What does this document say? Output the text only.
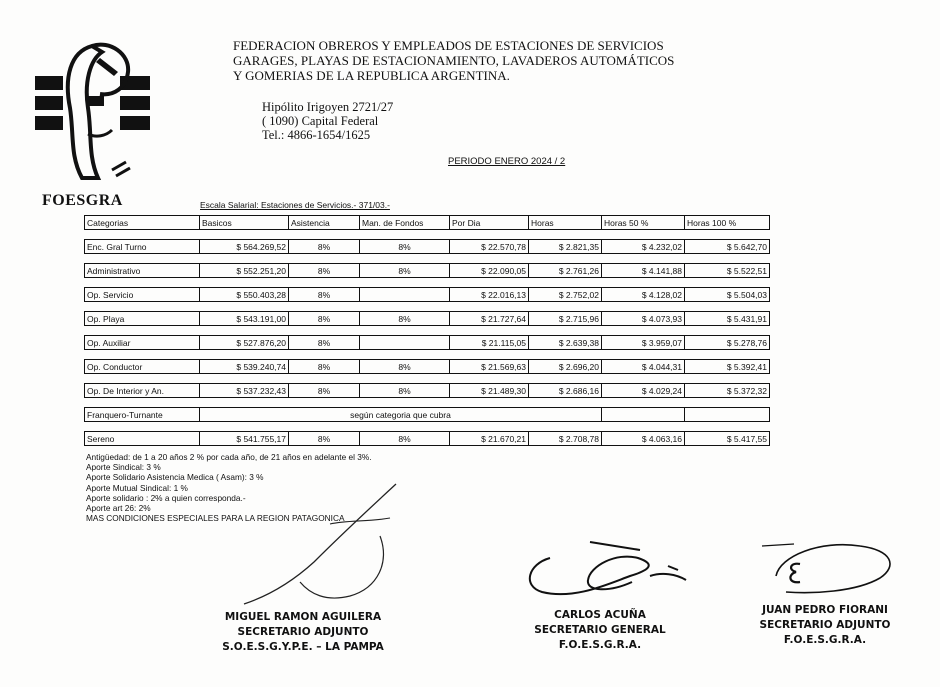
FOESGRA
FEDERACION OBREROS Y EMPLEADOS DE ESTACIONES DE SERVICIOS
GARAGES, PLAYAS DE ESTACIONAMIENTO, LAVADEROS AUTOMÁTICOS
Y GOMERIAS DE LA REPUBLICA ARGENTINA.
Hipólito Irigoyen 2721/27
( 1090) Capital Federal
Tel.: 4866-1654/1625
PERIODO ENERO 2024 / 2
Escala Salarial: Estaciones de Servicios.- 371/03.-
Categorias	Basicos	Asistencia	Man. de Fondos	Por Dia	Horas	Horas 50 %	Horas 100 %

Enc. Gral Turno	$ 564.269,52	8%	8%	$ 22.570,78	$ 2.821,35	$ 4.232,02	$ 5.642,70

Administrativo	$ 552.251,20	8%	8%	$ 22.090,05	$ 2.761,26	$ 4.141,88	$ 5.522,51

Op. Servicio	$ 550.403,28	8%		$ 22.016,13	$ 2.752,02	$ 4.128,02	$ 5.504,03

Op. Playa	$ 543.191,00	8%	8%	$ 21.727,64	$ 2.715,96	$ 4.073,93	$ 5.431,91

Op. Auxiliar	$ 527.876,20	8%		$ 21.115,05	$ 2.639,38	$ 3.959,07	$ 5.278,76

Op. Conductor	$ 539.240,74	8%	8%	$ 21.569,63	$ 2.696,20	$ 4.044,31	$ 5.392,41

Op. De Interior y An.	$ 537.232,43	8%	8%	$ 21.489,30	$ 2.686,16	$ 4.029,24	$ 5.372,32

Franquero-Turnante	según categoria que cubra						

Sereno	$ 541.755,17	8%	8%	$ 21.670,21	$ 2.708,78	$ 4.063,16	$ 5.417,55
Antigüedad: de 1 a 20 años 2 % por cada año, de 21 años en adelante el 3%.
Aporte Sindical: 3 %
Aporte Solidario Asistencia Medica ( Asam): 3 %
Aporte Mutual Sindical: 1 %
Aporte solidario : 2% a quien corresponda.-
Aporte art 26: 2%
MAS CONDICIONES ESPECIALES PARA LA REGION PATAGONICA
MIGUEL RAMON AGUILERA
SECRETARIO ADJUNTO
S.O.E.S.G.Y.P.E. – LA PAMPA
CARLOS ACUÑA
SECRETARIO GENERAL
F.O.E.S.G.R.A.
JUAN PEDRO FIORANI
SECRETARIO ADJUNTO
F.O.E.S.G.R.A.
